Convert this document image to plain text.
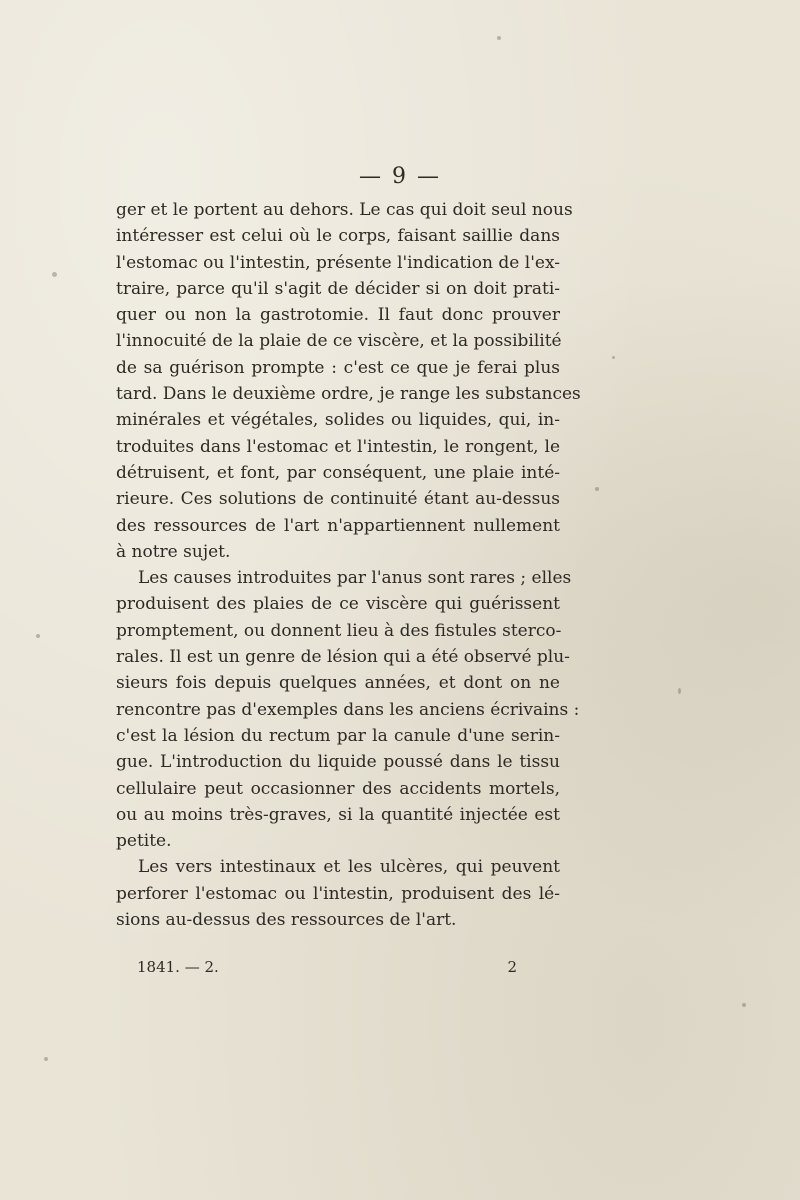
— 9 —
ger et le portent au dehors. Le cas qui doit seul nous
intéresser est celui où le corps, faisant saillie dans
l'estomac ou l'intestin, présente l'indication de l'ex-
traire, parce qu'il s'agit de décider si on doit prati-
quer ou non la gastrotomie. Il faut donc prouver
l'innocuité de la plaie de ce viscère, et la possibilité
de sa guérison prompte : c'est ce que je ferai plus
tard. Dans le deuxième ordre, je range les substances
minérales et végétales, solides ou liquides, qui, in-
troduites dans l'estomac et l'intestin, le rongent, le
détruisent, et font, par conséquent, une plaie inté-
rieure. Ces solutions de continuité étant au-dessus
des ressources de l'art n'appartiennent nullement
à notre sujet.
Les causes introduites par l'anus sont rares ; elles
produisent des plaies de ce viscère qui guérissent
promptement, ou donnent lieu à des fistules sterco-
rales. Il est un genre de lésion qui a été observé plu-
sieurs fois depuis quelques années, et dont on ne
rencontre pas d'exemples dans les anciens écrivains :
c'est la lésion du rectum par la canule d'une serin-
gue. L'introduction du liquide poussé dans le tissu
cellulaire peut occasionner des accidents mortels,
ou au moins très-graves, si la quantité injectée est
petite.
Les vers intestinaux et les ulcères, qui peuvent
perforer l'estomac ou l'intestin, produisent des lé-
sions au-dessus des ressources de l'art.
1841. — 2.	2
